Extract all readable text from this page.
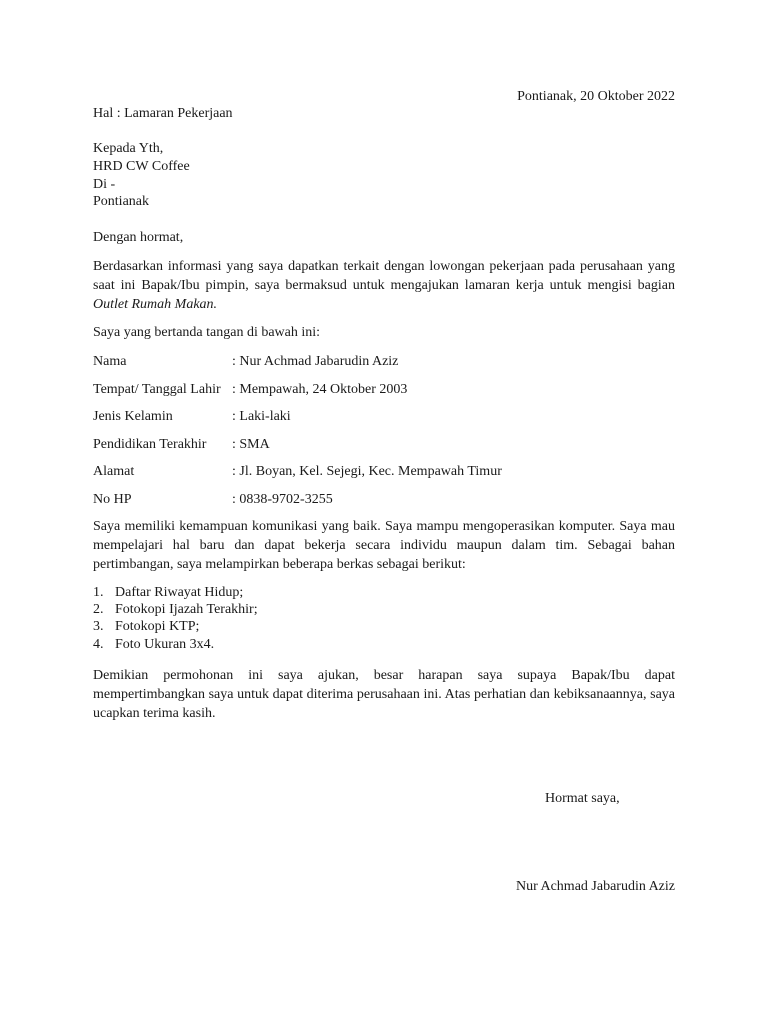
Pontianak, 20 Oktober 2022
Hal : Lamaran Pekerjaan
Kepada Yth,
HRD CW Coffee
Di -
Pontianak
Dengan hormat,
Berdasarkan informasi yang saya dapatkan terkait dengan lowongan pekerjaan pada perusahaan yang saat ini Bapak/Ibu pimpin, saya bermaksud untuk mengajukan lamaran kerja untuk mengisi bagian Outlet Rumah Makan.
Saya yang bertanda tangan di bawah ini:
Nama	: Nur Achmad Jabarudin Aziz
Tempat/ Tanggal Lahir : Mempawah, 24 Oktober 2003
Jenis Kelamin	: Laki-laki
Pendidikan Terakhir : SMA
Alamat	: Jl. Boyan, Kel. Sejegi, Kec. Mempawah Timur
No HP	: 0838-9702-3255
Saya memiliki kemampuan komunikasi yang baik. Saya mampu mengoperasikan komputer. Saya mau mempelajari hal baru dan dapat bekerja secara individu maupun dalam tim. Sebagai bahan pertimbangan, saya melampirkan beberapa berkas sebagai berikut:
1. Daftar Riwayat Hidup;
2. Fotokopi Ijazah Terakhir;
3. Fotokopi KTP;
4. Foto Ukuran 3x4.
Demikian permohonan ini saya ajukan, besar harapan saya supaya Bapak/Ibu dapat mempertimbangkan saya untuk dapat diterima perusahaan ini. Atas perhatian dan kebiksanaannya, saya ucapkan terima kasih.
Hormat saya,
Nur Achmad Jabarudin Aziz
